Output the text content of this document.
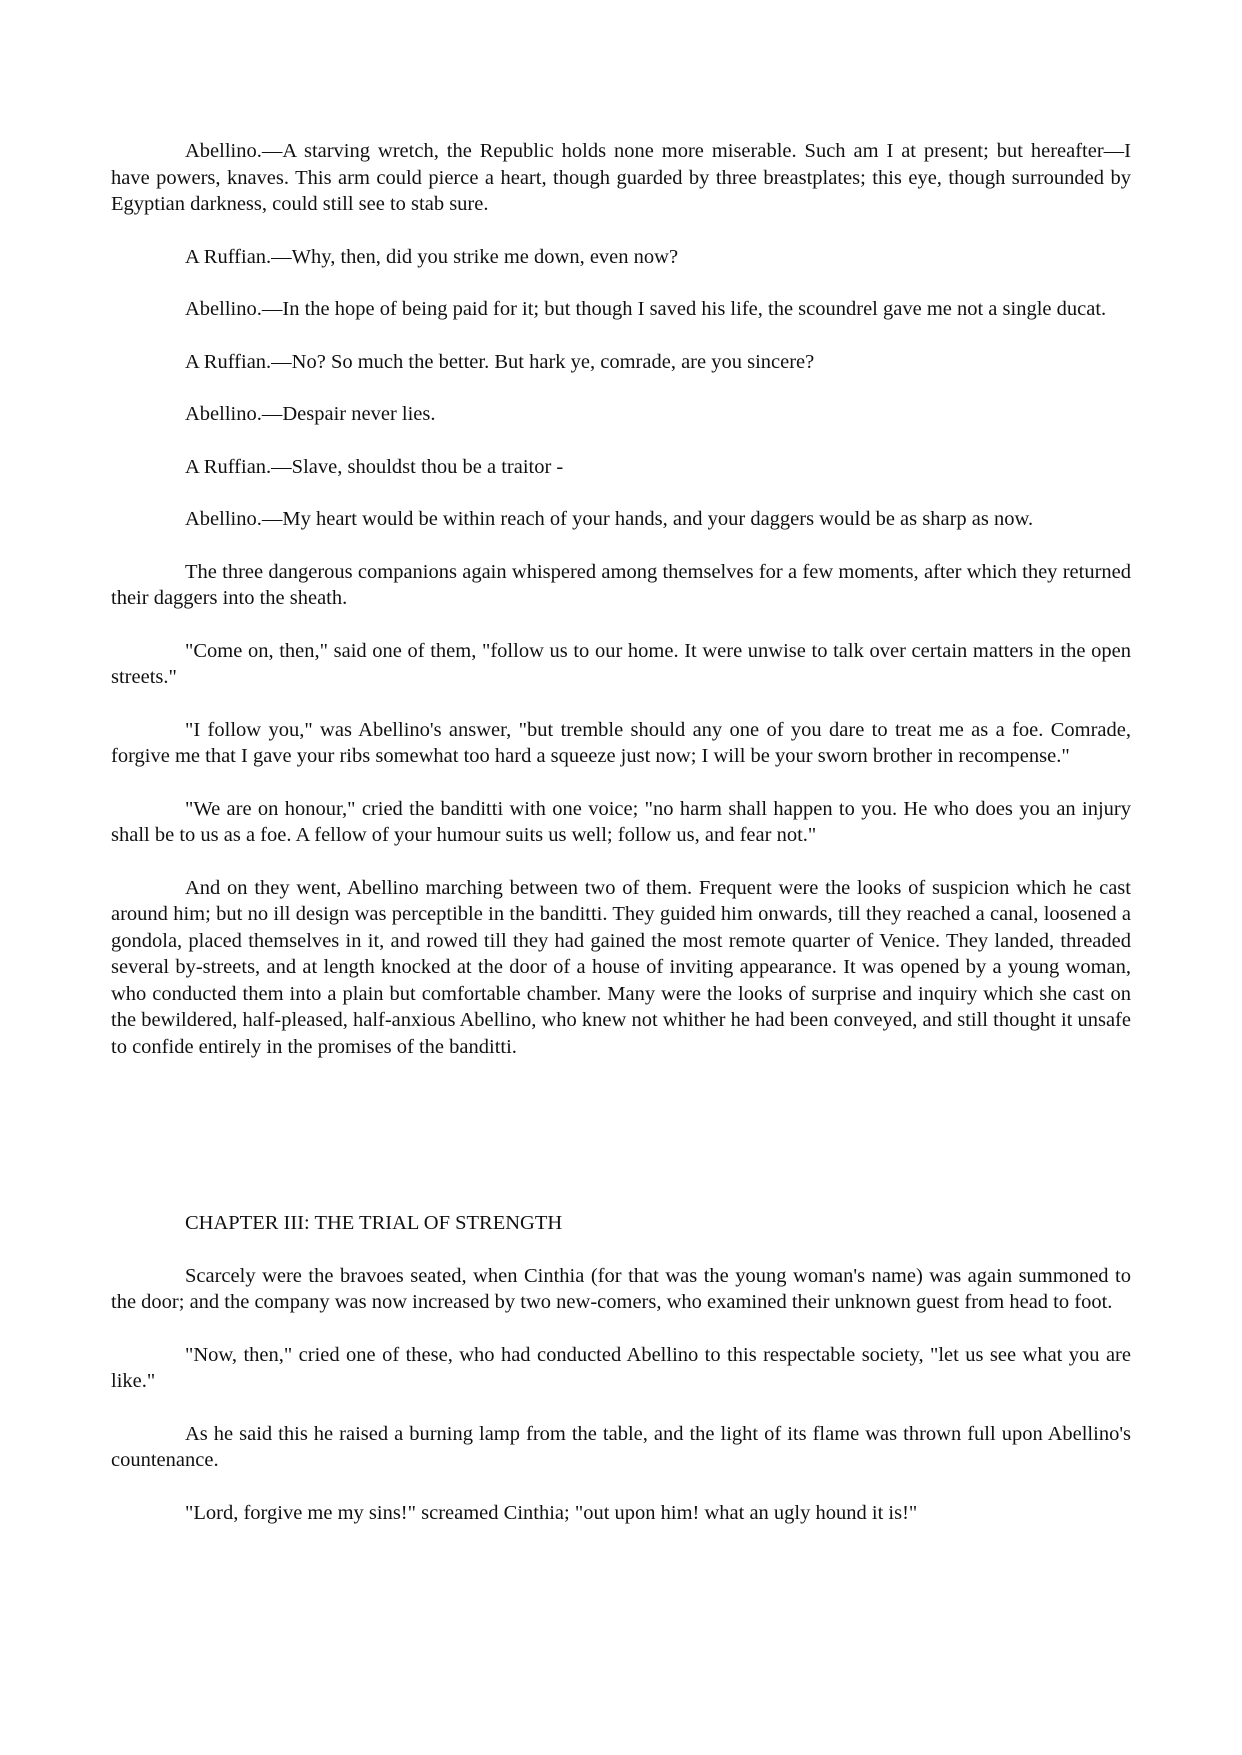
Abellino.—A starving wretch, the Republic holds none more miserable. Such am I at present; but hereafter—I have powers, knaves. This arm could pierce a heart, though guarded by three breastplates; this eye, though surrounded by Egyptian darkness, could still see to stab sure.

A Ruffian.—Why, then, did you strike me down, even now?

Abellino.—In the hope of being paid for it; but though I saved his life, the scoundrel gave me not a single ducat.

A Ruffian.—No? So much the better. But hark ye, comrade, are you sincere?

Abellino.—Despair never lies.

A Ruffian.—Slave, shouldst thou be a traitor -

Abellino.—My heart would be within reach of your hands, and your daggers would be as sharp as now.

The three dangerous companions again whispered among themselves for a few moments, after which they returned their daggers into the sheath.

"Come on, then," said one of them, "follow us to our home. It were unwise to talk over certain matters in the open streets."

"I follow you," was Abellino's answer, "but tremble should any one of you dare to treat me as a foe. Comrade, forgive me that I gave your ribs somewhat too hard a squeeze just now; I will be your sworn brother in recompense."

"We are on honour," cried the banditti with one voice; "no harm shall happen to you. He who does you an injury shall be to us as a foe. A fellow of your humour suits us well; follow us, and fear not."

And on they went, Abellino marching between two of them. Frequent were the looks of suspicion which he cast around him; but no ill design was perceptible in the banditti. They guided him onwards, till they reached a canal, loosened a gondola, placed themselves in it, and rowed till they had gained the most remote quarter of Venice. They landed, threaded several by-streets, and at length knocked at the door of a house of inviting appearance. It was opened by a young woman, who conducted them into a plain but comfortable chamber. Many were the looks of surprise and inquiry which she cast on the bewildered, half-pleased, half-anxious Abellino, who knew not whither he had been conveyed, and still thought it unsafe to confide entirely in the promises of the banditti.

CHAPTER III: THE TRIAL OF STRENGTH

Scarcely were the bravoes seated, when Cinthia (for that was the young woman's name) was again summoned to the door; and the company was now increased by two new-comers, who examined their unknown guest from head to foot.

"Now, then," cried one of these, who had conducted Abellino to this respectable society, "let us see what you are like."

As he said this he raised a burning lamp from the table, and the light of its flame was thrown full upon Abellino's countenance.

"Lord, forgive me my sins!" screamed Cinthia; "out upon him! what an ugly hound it is!"
